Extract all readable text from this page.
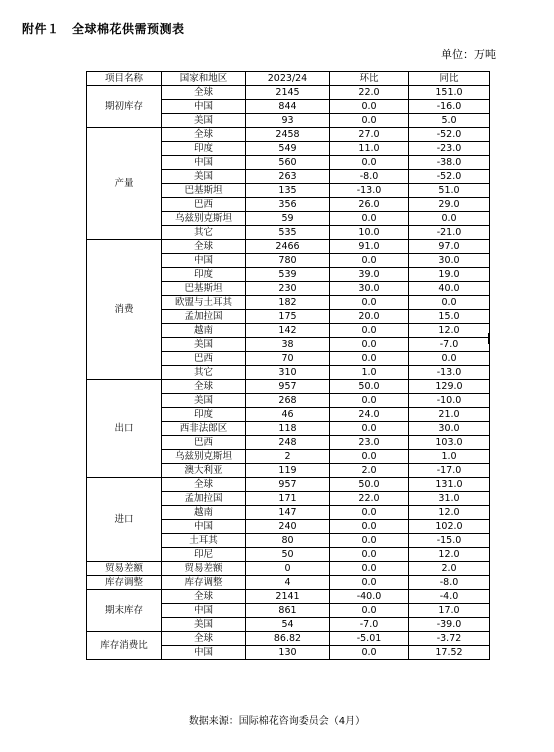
附件１　全球棉花供需预测表
单位：万吨
项目名称	国家和地区	2023/24	环比	同比
期初库存	全球	2145	22.0	151.0
	中国	844	0.0	-16.0
	美国	93	0.0	5.0
产量	全球	2458	27.0	-52.0
	印度	549	11.0	-23.0
	中国	560	0.0	-38.0
	美国	263	-8.0	-52.0
	巴基斯坦	135	-13.0	51.0
	巴西	356	26.0	29.0
	乌兹别克斯坦	59	0.0	0.0
	其它	535	10.0	-21.0
消费	全球	2466	91.0	97.0
	中国	780	0.0	30.0
	印度	539	39.0	19.0
	巴基斯坦	230	30.0	40.0
	欧盟与土耳其	182	0.0	0.0
	孟加拉国	175	20.0	15.0
	越南	142	0.0	12.0
	美国	38	0.0	-7.0
	巴西	70	0.0	0.0
	其它	310	1.0	-13.0
出口	全球	957	50.0	129.0
	美国	268	0.0	-10.0
	印度	46	24.0	21.0
	西非法郎区	118	0.0	30.0
	巴西	248	23.0	103.0
	乌兹别克斯坦	2	0.0	1.0
	澳大利亚	119	2.0	-17.0
进口	全球	957	50.0	131.0
	孟加拉国	171	22.0	31.0
	越南	147	0.0	12.0
	中国	240	0.0	102.0
	土耳其	80	0.0	-15.0
	印尼	50	0.0	12.0
贸易差额	贸易差额	0	0.0	2.0
库存调整	库存调整	4	0.0	-8.0
期末库存	全球	2141	-40.0	-4.0
	中国	861	0.0	17.0
	美国	54	-7.0	-39.0
库存消费比	全球	86.82	-5.01	-3.72
	中国	130	0.0	17.52
数据来源：国际棉花咨询委员会（4月）
